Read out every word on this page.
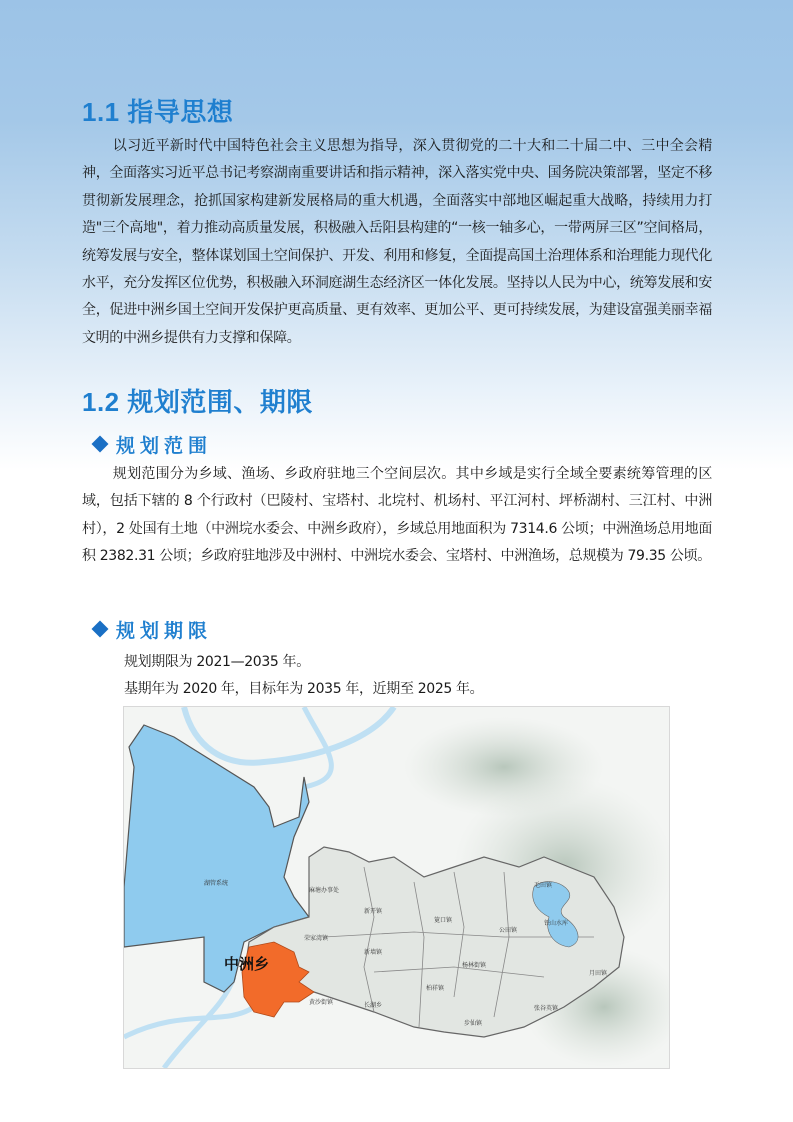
1.1 指导思想

以习近平新时代中国特色社会主义思想为指导，深入贯彻党的二十大和二十届二中、三中全会精神，全面落实习近平总书记考察湖南重要讲话和指示精神，深入落实党中央、国务院决策部署，坚定不移贯彻新发展理念，抢抓国家构建新发展格局的重大机遇，全面落实中部地区崛起重大战略，持续用力打造"三个高地"，着力推动高质量发展，积极融入岳阳县构建的“一核一轴多心，一带两屏三区”空间格局，统筹发展与安全，整体谋划国土空间保护、开发、利用和修复，全面提高国土治理体系和治理能力现代化水平，充分发挥区位优势，积极融入环洞庭湖生态经济区一体化发展。坚持以人民为中心，统筹发展和安全，促进中洲乡国土空间开发保护更高质量、更有效率、更加公平、更可持续发展，为建设富强美丽幸福文明的中洲乡提供有力支撑和保障。

1.2 规划范围、期限
规划范围

规划范围分为乡域、渔场、乡政府驻地三个空间层次。其中乡域是实行全域全要素统筹管理的区域，包括下辖的 8 个行政村（巴陵村、宝塔村、北垸村、机场村、平江河村、坪桥湖村、三江村、中洲村），2 处国有土地（中洲垸水委会、中洲乡政府），乡域总用地面积为 7314.6 公顷；中洲渔场总用地面积 2382.31 公顷；乡政府驻地涉及中洲村、中洲垸水委会、宝塔村、中洲渔场，总规模为 79.35 公顷。

规划期限
规划期限为 2021—2035 年。
基期年为 2020 年，目标年为 2035 年，近期至 2025 年。
中洲乡
湖管系统
麻塘办事处
新开镇
荣家湾镇
新墙镇
黄沙街镇	长湖乡
筻口镇
公田镇
杨林街镇
柏祥镇
步仙镇
毛田镇
铁山水库
张谷英镇
月田镇
